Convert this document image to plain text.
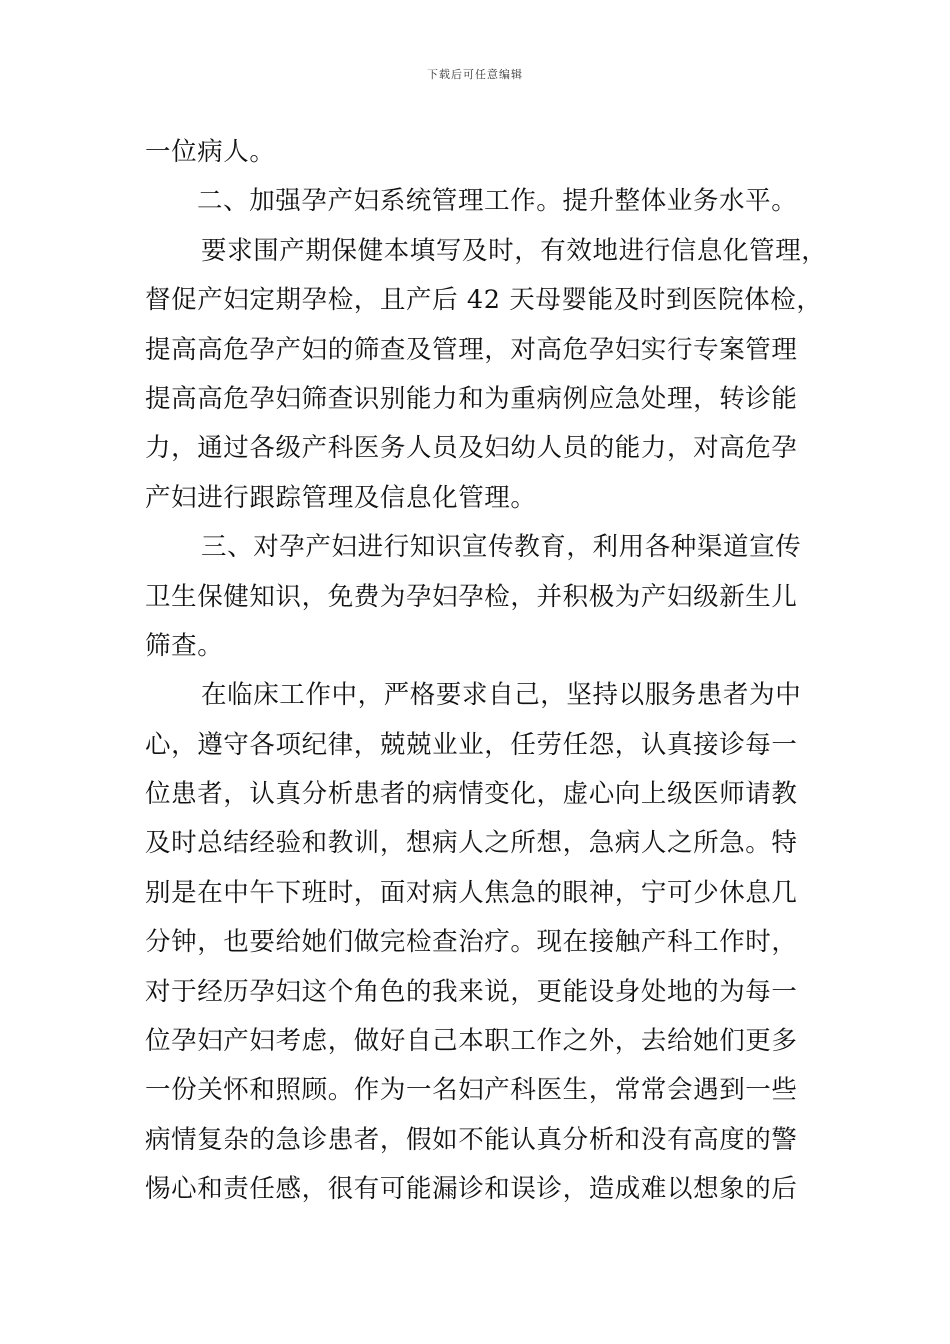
下载后可任意编辑
一位病人。
二、加强孕产妇系统管理工作。提升整体业务水平。
要求围产期保健本填写及时，有效地进行信息化管理，
督促产妇定期孕检，且产后 42 天母婴能及时到医院体检，
提高高危孕产妇的筛查及管理，对高危孕妇实行专案管理
提高高危孕妇筛查识别能力和为重病例应急处理，转诊能
力，通过各级产科医务人员及妇幼人员的能力，对高危孕
产妇进行跟踪管理及信息化管理。
三、对孕产妇进行知识宣传教育，利用各种渠道宣传
卫生保健知识，免费为孕妇孕检，并积极为产妇级新生儿
筛查。
在临床工作中，严格要求自己，坚持以服务患者为中
心，遵守各项纪律，兢兢业业，任劳任怨，认真接诊每一
位患者，认真分析患者的病情变化，虚心向上级医师请教
及时总结经验和教训，想病人之所想，急病人之所急。特
别是在中午下班时，面对病人焦急的眼神，宁可少休息几
分钟，也要给她们做完检查治疗。现在接触产科工作时，
对于经历孕妇这个角色的我来说，更能设身处地的为每一
位孕妇产妇考虑，做好自己本职工作之外，去给她们更多
一份关怀和照顾。作为一名妇产科医生，常常会遇到一些
病情复杂的急诊患者，假如不能认真分析和没有高度的警
惕心和责任感，很有可能漏诊和误诊，造成难以想象的后
